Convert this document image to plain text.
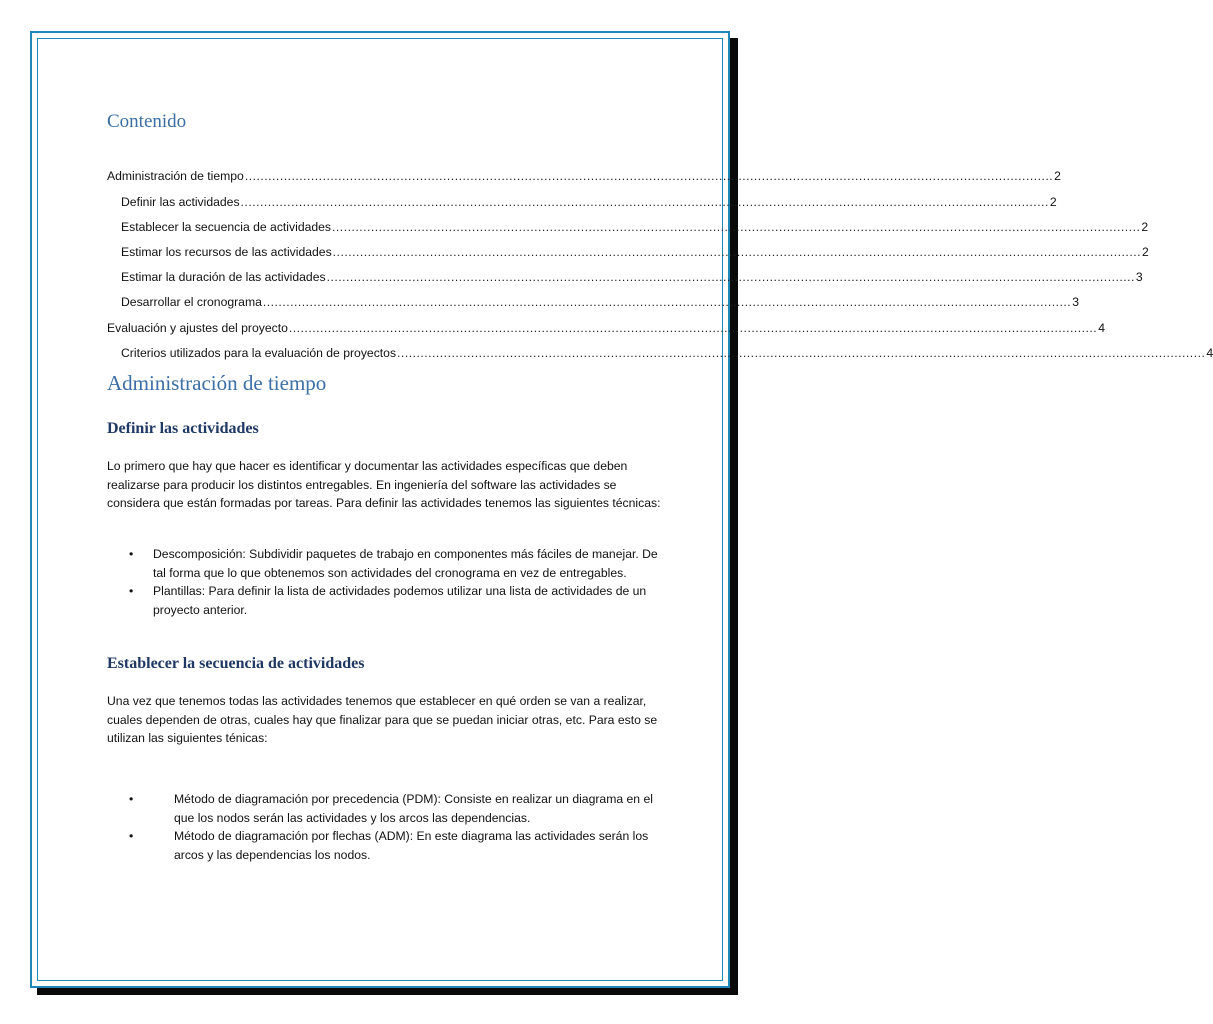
Contenido
Administración de tiempo ................................................................................................................................................................................................................ 2
Definir las actividades ................................................................................................................................................................................................................ 2
Establecer la secuencia de actividades ................................................................................................................................................................................................................ 2
Estimar los recursos de las actividades ................................................................................................................................................................................................................ 2
Estimar la duración de las actividades ................................................................................................................................................................................................................ 3
Desarrollar el cronograma ................................................................................................................................................................................................................ 3
Evaluación y ajustes del proyecto ................................................................................................................................................................................................................ 4
Criterios utilizados para la evaluación de proyectos ................................................................................................................................................................................................................ 4
Administración de tiempo
Definir las actividades
Lo primero que hay que hacer es identificar y documentar las actividades específicas que deben realizarse para producir los distintos entregables. En ingeniería del software las actividades se considera que están formadas por tareas. Para definir las actividades tenemos las siguientes técnicas:
• Descomposición: Subdividir paquetes de trabajo en componentes más fáciles de manejar. De tal forma que lo que obtenemos son actividades del cronograma en vez de entregables.
• Plantillas: Para definir la lista de actividades podemos utilizar una lista de actividades de un proyecto anterior.
Establecer la secuencia de actividades
Una vez que tenemos todas las actividades tenemos que establecer en qué orden se van a realizar, cuales dependen de otras, cuales hay que finalizar para que se puedan iniciar otras, etc. Para esto se utilizan las siguientes ténicas:
•	Método de diagramación por precedencia (PDM): Consiste en realizar un diagrama en el que los nodos serán las actividades y los arcos las dependencias.
•	Método de diagramación por flechas (ADM): En este diagrama las actividades serán los arcos y las dependencias los nodos.
